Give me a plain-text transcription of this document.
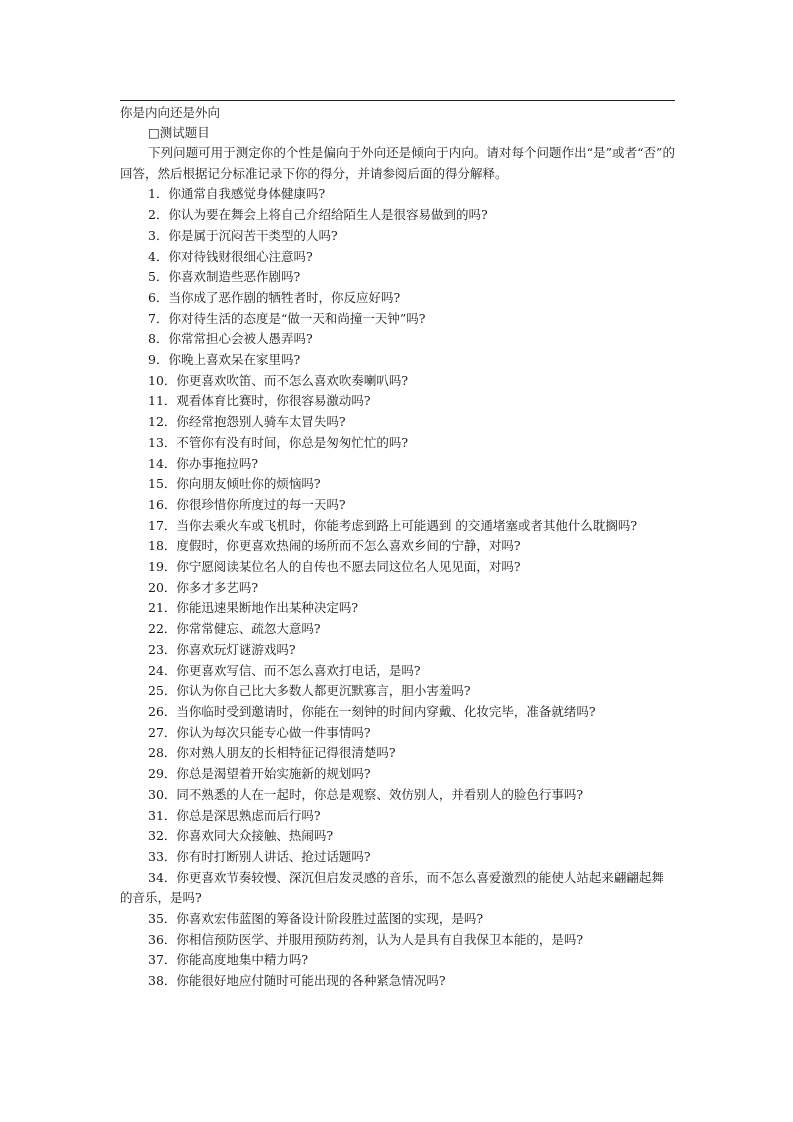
你是内向还是外向
□测试题目
下列问题可用于测定你的个性是偏向于外向还是倾向于内向。请对每个问题作出“是”或者“否”的回答，然后根据记分标准记录下你的得分，并请参阅后面的得分解释。
1．你通常自我感觉身体健康吗?
2．你认为要在舞会上将自己介绍给陌生人是很容易做到的吗?
3．你是属于沉闷苦干类型的人吗?
4．你对待钱财很细心注意吗?
5．你喜欢制造些恶作剧吗?
6．当你成了恶作剧的牺牲者时，你反应好吗?
7．你对待生活的态度是“做一天和尚撞一天钟”吗?
8．你常常担心会被人愚弄吗?
9．你晚上喜欢呆在家里吗?
10．你更喜欢吹笛、而不怎么喜欢吹奏喇叭吗?
11．观看体育比赛时，你很容易激动吗?
12．你经常抱怨别人骑车太冒失吗?
13．不管你有没有时间，你总是匆匆忙忙的吗?
14．你办事拖拉吗?
15．你向朋友倾吐你的烦恼吗?
16．你很珍惜你所度过的每一天吗?
17．当你去乘火车或飞机时，你能考虑到路上可能遇到 的交通堵塞或者其他什么耽搁吗?
18．度假时，你更喜欢热闹的场所而不怎么喜欢乡间的宁静，对吗?
19．你宁愿阅读某位名人的自传也不愿去同这位名人见见面，对吗?
20．你多才多艺吗?
21．你能迅速果断地作出某种决定吗?
22．你常常健忘、疏忽大意吗?
23．你喜欢玩灯谜游戏吗?
24．你更喜欢写信、而不怎么喜欢打电话，是吗?
25．你认为你自己比大多数人都更沉默寡言，胆小害羞吗?
26．当你临时受到邀请时，你能在一刻钟的时间内穿戴、化妆完毕，准备就绪吗?
27．你认为每次只能专心做一件事情吗?
28．你对熟人朋友的长相特征记得很清楚吗?
29．你总是渴望着开始实施新的规划吗?
30．同不熟悉的人在一起时，你总是观察、效仿别人，并看别人的脸色行事吗?
31．你总是深思熟虑而后行吗?
32．你喜欢同大众接触、热闹吗?
33．你有时打断别人讲话、抢过话题吗?
34．你更喜欢节奏较慢、深沉但启发灵感的音乐，而不怎么喜爱激烈的能使人站起来翩翩起舞的音乐，是吗?
35．你喜欢宏伟蓝图的筹备设计阶段胜过蓝图的实现，是吗?
36．你相信预防医学、并服用预防药剂，认为人是具有自我保卫本能的，是吗?
37．你能高度地集中精力吗?
38．你能很好地应付随时可能出现的各种紧急情况吗?
